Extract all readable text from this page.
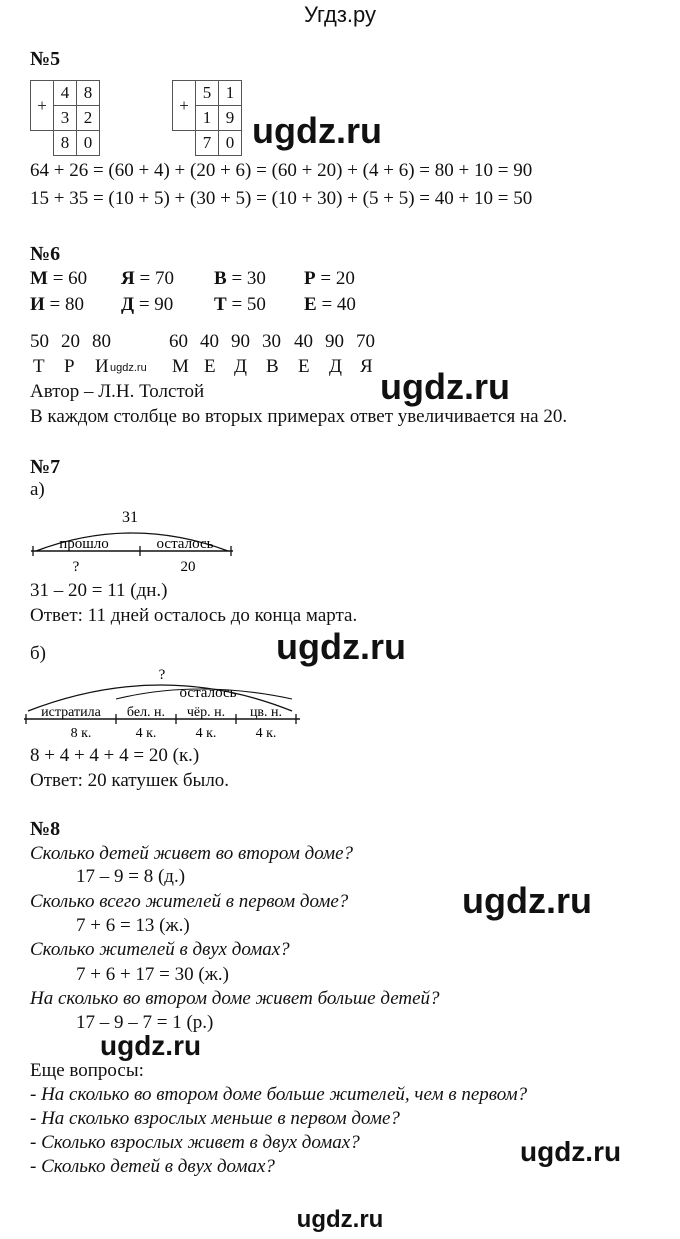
Угдз.ру
№5
+	4	8
	3	2
	8	0
+	5	1
	1	9
	7	0 ugdz.ru
64 + 26 = (60 + 4) + (20 + 6) = (60 + 20) + (4 + 6) = 80 + 10 = 90
15 + 35 = (10 + 5) + (30 + 5) = (10 + 30) + (5 + 5) = 40 + 10 = 50
№6
М = 60 Я = 70 В = 30 Р = 20
И = 80 Д = 90 Т = 50 Е = 40
50 20 80	60 40 90 30 40 90 70
Т Р И ugdz.ru М Е Д В Е Д Я
Автор – Л.Н. Толстой	ugdz.ru
В каждом столбце во вторых примерах ответ увеличивается на 20.
№7
а)
31
прошло	осталось
?	20
31 – 20 = 11 (дн.)
Ответ: 11 дней осталось до конца марта.
ugdz.ru
б)
?
осталось
истратила бел. н. чёр. н. цв. н.
8 к.	4 к.	4 к.	4 к.
8 + 4 + 4 + 4 = 20 (к.)
Ответ: 20 катушек было.
№8
Сколько детей живет во втором доме?
17 – 9 = 8 (д.)
Сколько всего жителей в первом доме?	ugdz.ru
7 + 6 = 13 (ж.)
Сколько жителей в двух домах?
7 + 6 + 17 = 30 (ж.)
На сколько во втором доме живет больше детей?
17 – 9 – 7 = 1 (р.)
ugdz.ru
Еще вопросы:
- На сколько во втором доме больше жителей, чем в первом?
- На сколько взрослых меньше в первом доме?
- Сколько взрослых живет в двух домах?	ugdz.ru
- Сколько детей в двух домах?
ugdz.ru
